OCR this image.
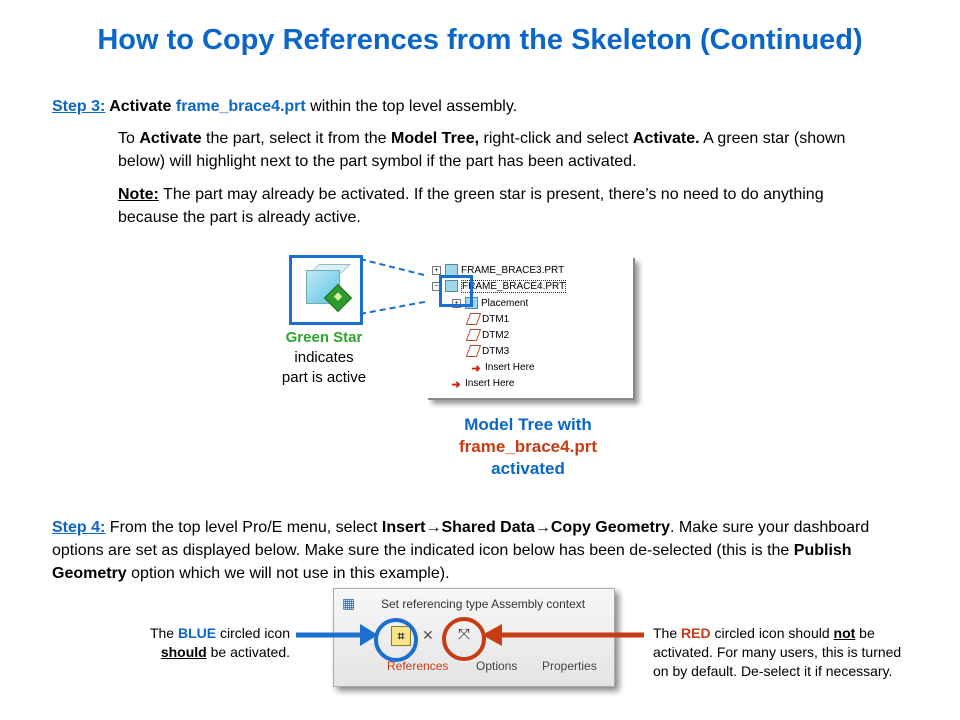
How to Copy References from the Skeleton (Continued)
Step 3: Activate frame_brace4.prt within the top level assembly.
To Activate the part, select it from the Model Tree, right-click and select Activate. A green star (shown below) will highlight next to the part symbol if the part has been activated.
Note: The part may already be activated. If the green star is present, there’s no need to do anything because the part is already active.
Green Star
indicates
part is active
+ FRAME_BRACE3.PRT
− FRAME_BRACE4.PRT
+ Placement
DTM1
DTM2
DTM3
➜ Insert Here
➜ Insert Here
Model Tree with
frame_brace4.prt
activated
Step 4: From the top level Pro/E menu, select Insert→Shared Data→Copy Geometry. Make sure your dashboard options are set as displayed below. Make sure the indicated icon below has been de-selected (this is the Publish Geometry option which we will not use in this example).
▦ Set referencing type Assembly context
⌗	✕ ⤧
References Options Properties
The BLUE circled icon should be activated.
The RED circled icon should not be activated. For many users, this is turned on by default. De-select it if necessary.
